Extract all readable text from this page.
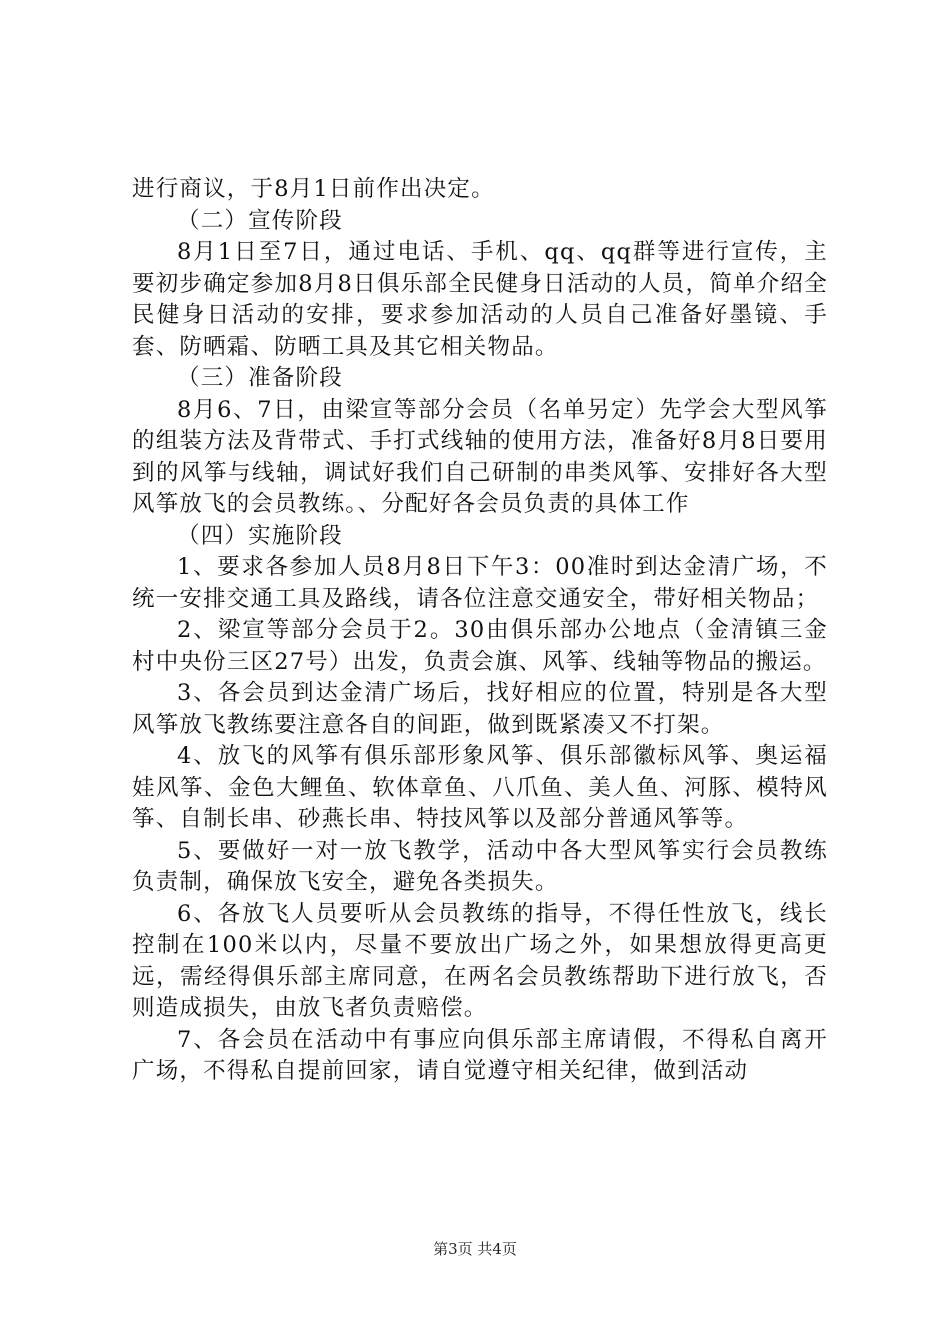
进行商议，于8月1日前作出决定。

（二）宣传阶段

8月1日至7日，通过电话、手机、qq、qq群等进行宣传，主要初步确定参加8月8日俱乐部全民健身日活动的人员，简单介绍全民健身日活动的安排，要求参加活动的人员自己准备好墨镜、手套、防晒霜、防晒工具及其它相关物品。

（三）准备阶段

8月6、7日，由梁宣等部分会员（名单另定）先学会大型风筝的组装方法及背带式、手打式线轴的使用方法，准备好8月8日要用到的风筝与线轴，调试好我们自己研制的串类风筝、安排好各大型风筝放飞的会员教练。、分配好各会员负责的具体工作

（四）实施阶段

1、要求各参加人员8月8日下午3：00准时到达金清广场，不统一安排交通工具及路线，请各位注意交通安全，带好相关物品；

2、梁宣等部分会员于2。30由俱乐部办公地点（金清镇三金村中央份三区27号）出发，负责会旗、风筝、线轴等物品的搬运。

3、各会员到达金清广场后，找好相应的位置，特别是各大型风筝放飞教练要注意各自的间距，做到既紧凑又不打架。

4、放飞的风筝有俱乐部形象风筝、俱乐部徽标风筝、奥运福娃风筝、金色大鲤鱼、软体章鱼、八爪鱼、美人鱼、河豚、模特风筝、自制长串、砂燕长串、特技风筝以及部分普通风筝等。

5、要做好一对一放飞教学，活动中各大型风筝实行会员教练负责制，确保放飞安全，避免各类损失。

6、各放飞人员要听从会员教练的指导，不得任性放飞，线长控制在100米以内，尽量不要放出广场之外，如果想放得更高更远，需经得俱乐部主席同意，在两名会员教练帮助下进行放飞，否则造成损失，由放飞者负责赔偿。

7、各会员在活动中有事应向俱乐部主席请假，不得私自离开广场，不得私自提前回家，请自觉遵守相关纪律，做到活动

第3页 共4页
